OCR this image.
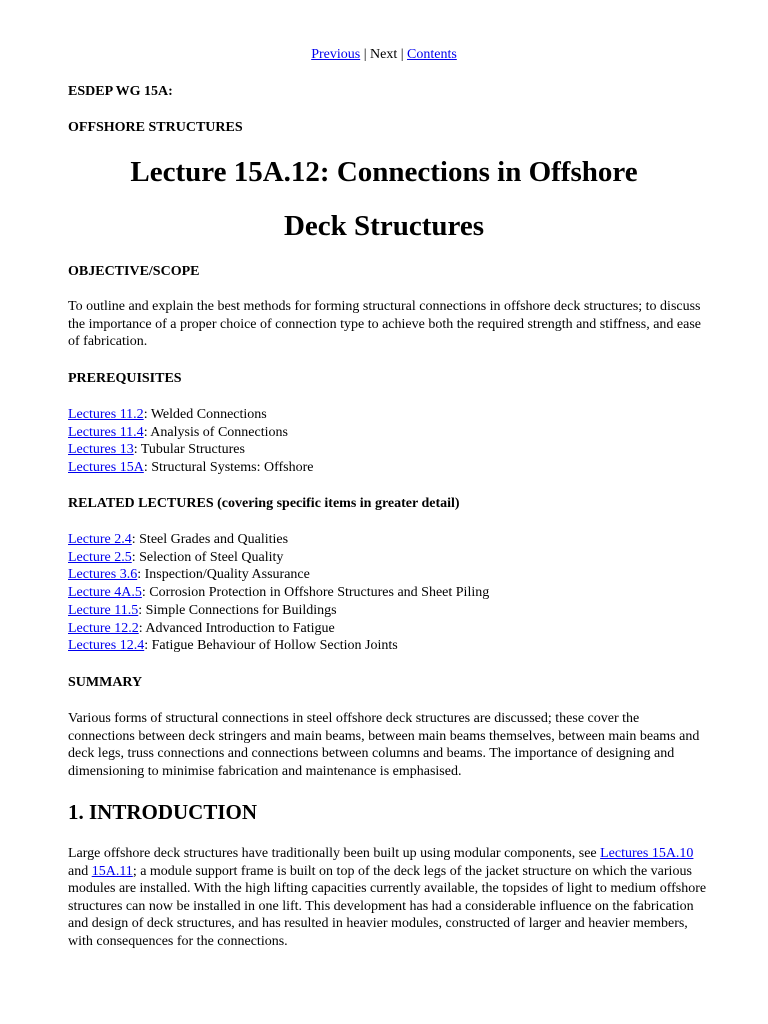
Previous | Next | Contents
ESDEP WG 15A:
OFFSHORE STRUCTURES
Lecture 15A.12: Connections in Offshore
Deck Structures
OBJECTIVE/SCOPE
To outline and explain the best methods for forming structural connections in offshore deck structures; to discuss the importance of a proper choice of connection type to achieve both the required strength and stiffness, and ease of fabrication.
PREREQUISITES
Lectures 11.2: Welded Connections
Lectures 11.4: Analysis of Connections
Lectures 13: Tubular Structures
Lectures 15A: Structural Systems: Offshore
RELATED LECTURES (covering specific items in greater detail)
Lecture 2.4: Steel Grades and Qualities
Lecture 2.5: Selection of Steel Quality
Lectures 3.6: Inspection/Quality Assurance
Lecture 4A.5: Corrosion Protection in Offshore Structures and Sheet Piling
Lecture 11.5: Simple Connections for Buildings
Lecture 12.2: Advanced Introduction to Fatigue
Lectures 12.4: Fatigue Behaviour of Hollow Section Joints
SUMMARY
Various forms of structural connections in steel offshore deck structures are discussed; these cover the connections between deck stringers and main beams, between main beams themselves, between main beams and deck legs, truss connections and connections between columns and beams. The importance of designing and dimensioning to minimise fabrication and maintenance is emphasised.
1. INTRODUCTION
Large offshore deck structures have traditionally been built up using modular components, see Lectures 15A.10 and 15A.11; a module support frame is built on top of the deck legs of the jacket structure on which the various modules are installed. With the high lifting capacities currently available, the topsides of light to medium offshore structures can now be installed in one lift. This development has had a considerable influence on the fabrication and design of deck structures, and has resulted in heavier modules, constructed of larger and heavier members, with consequences for the connections.
